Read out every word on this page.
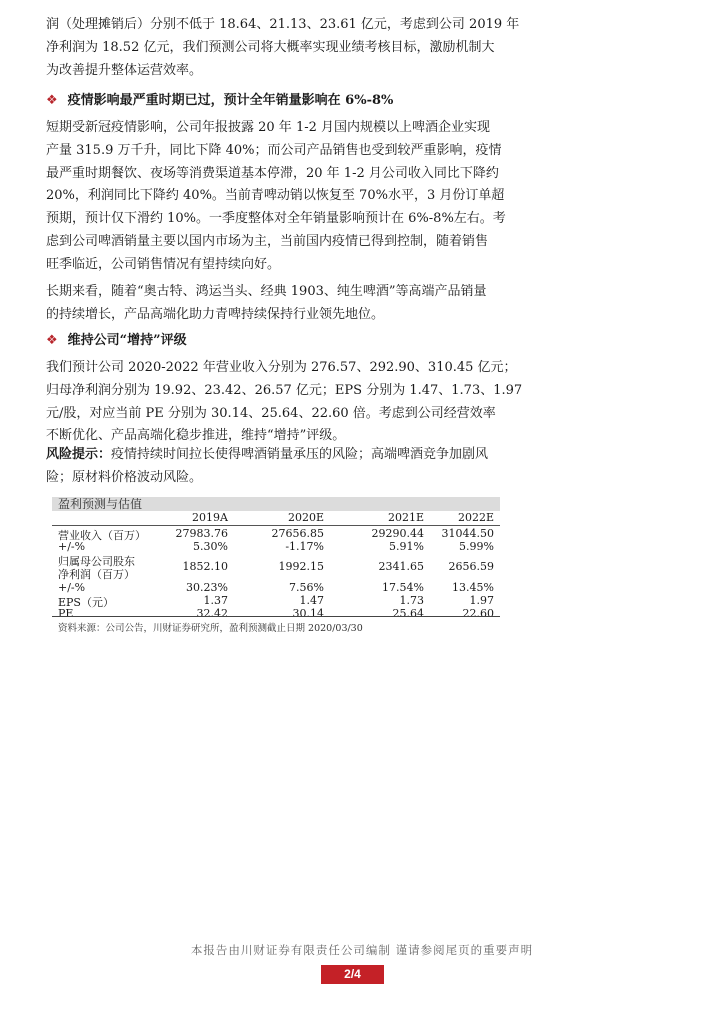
润（处理摊销后）分别不低于 18.64、21.13、23.61 亿元，考虑到公司 2019 年
净利润为 18.52 亿元，我们预测公司将大概率实现业绩考核目标，激励机制大
为改善提升整体运营效率。
❖ 疫情影响最严重时期已过，预计全年销量影响在 6%-8%
短期受新冠疫情影响，公司年报披露 20 年 1-2 月国内规模以上啤酒企业实现
产量 315.9 万千升，同比下降 40%；而公司产品销售也受到较严重影响，疫情
最严重时期餐饮、夜场等消费渠道基本停滞，20 年 1-2 月公司收入同比下降约
20%，利润同比下降约 40%。当前青啤动销以恢复至 70%水平，3 月份订单超
预期，预计仅下滑约 10%。一季度整体对全年销量影响预计在 6%-8%左右。考
虑到公司啤酒销量主要以国内市场为主，当前国内疫情已得到控制，随着销售
旺季临近，公司销售情况有望持续向好。
长期来看，随着“奥古特、鸿运当头、经典 1903、纯生啤酒”等高端产品销量
的持续增长，产品高端化助力青啤持续保持行业领先地位。
❖ 维持公司“增持”评级
我们预计公司 2020-2022 年营业收入分别为 276.57、292.90、310.45 亿元；
归母净利润分别为 19.92、23.42、26.57 亿元；EPS 分别为 1.47、1.73、1.97
元/股，对应当前 PE 分别为 30.14、25.64、22.60 倍。考虑到公司经营效率
不断优化、产品高端化稳步推进，维持“增持”评级。
风险提示：疫情持续时间拉长使得啤酒销量承压的风险；高端啤酒竞争加剧风
险；原材料价格波动风险。
盈利预测与估值
2019A	2020E	2021E	2022E
营业收入（百万）	27983.76	27656.85	29290.44	31044.50
+/-%	5.30%	-1.17%	5.91%	5.99%
归属母公司股东
净利润（百万）
1852.10	1992.15	2341.65	2656.59
+/-%	30.23%	7.56%	17.54%	13.45%
EPS（元）	1.37	1.47	1.73	1.97
PE	32.42	30.14	25.64	22.60
资料来源：公司公告，川财证券研究所，盈利预测截止日期 2020/03/30
本报告由川财证券有限责任公司编制 谨请参阅尾页的重要声明
2/4
